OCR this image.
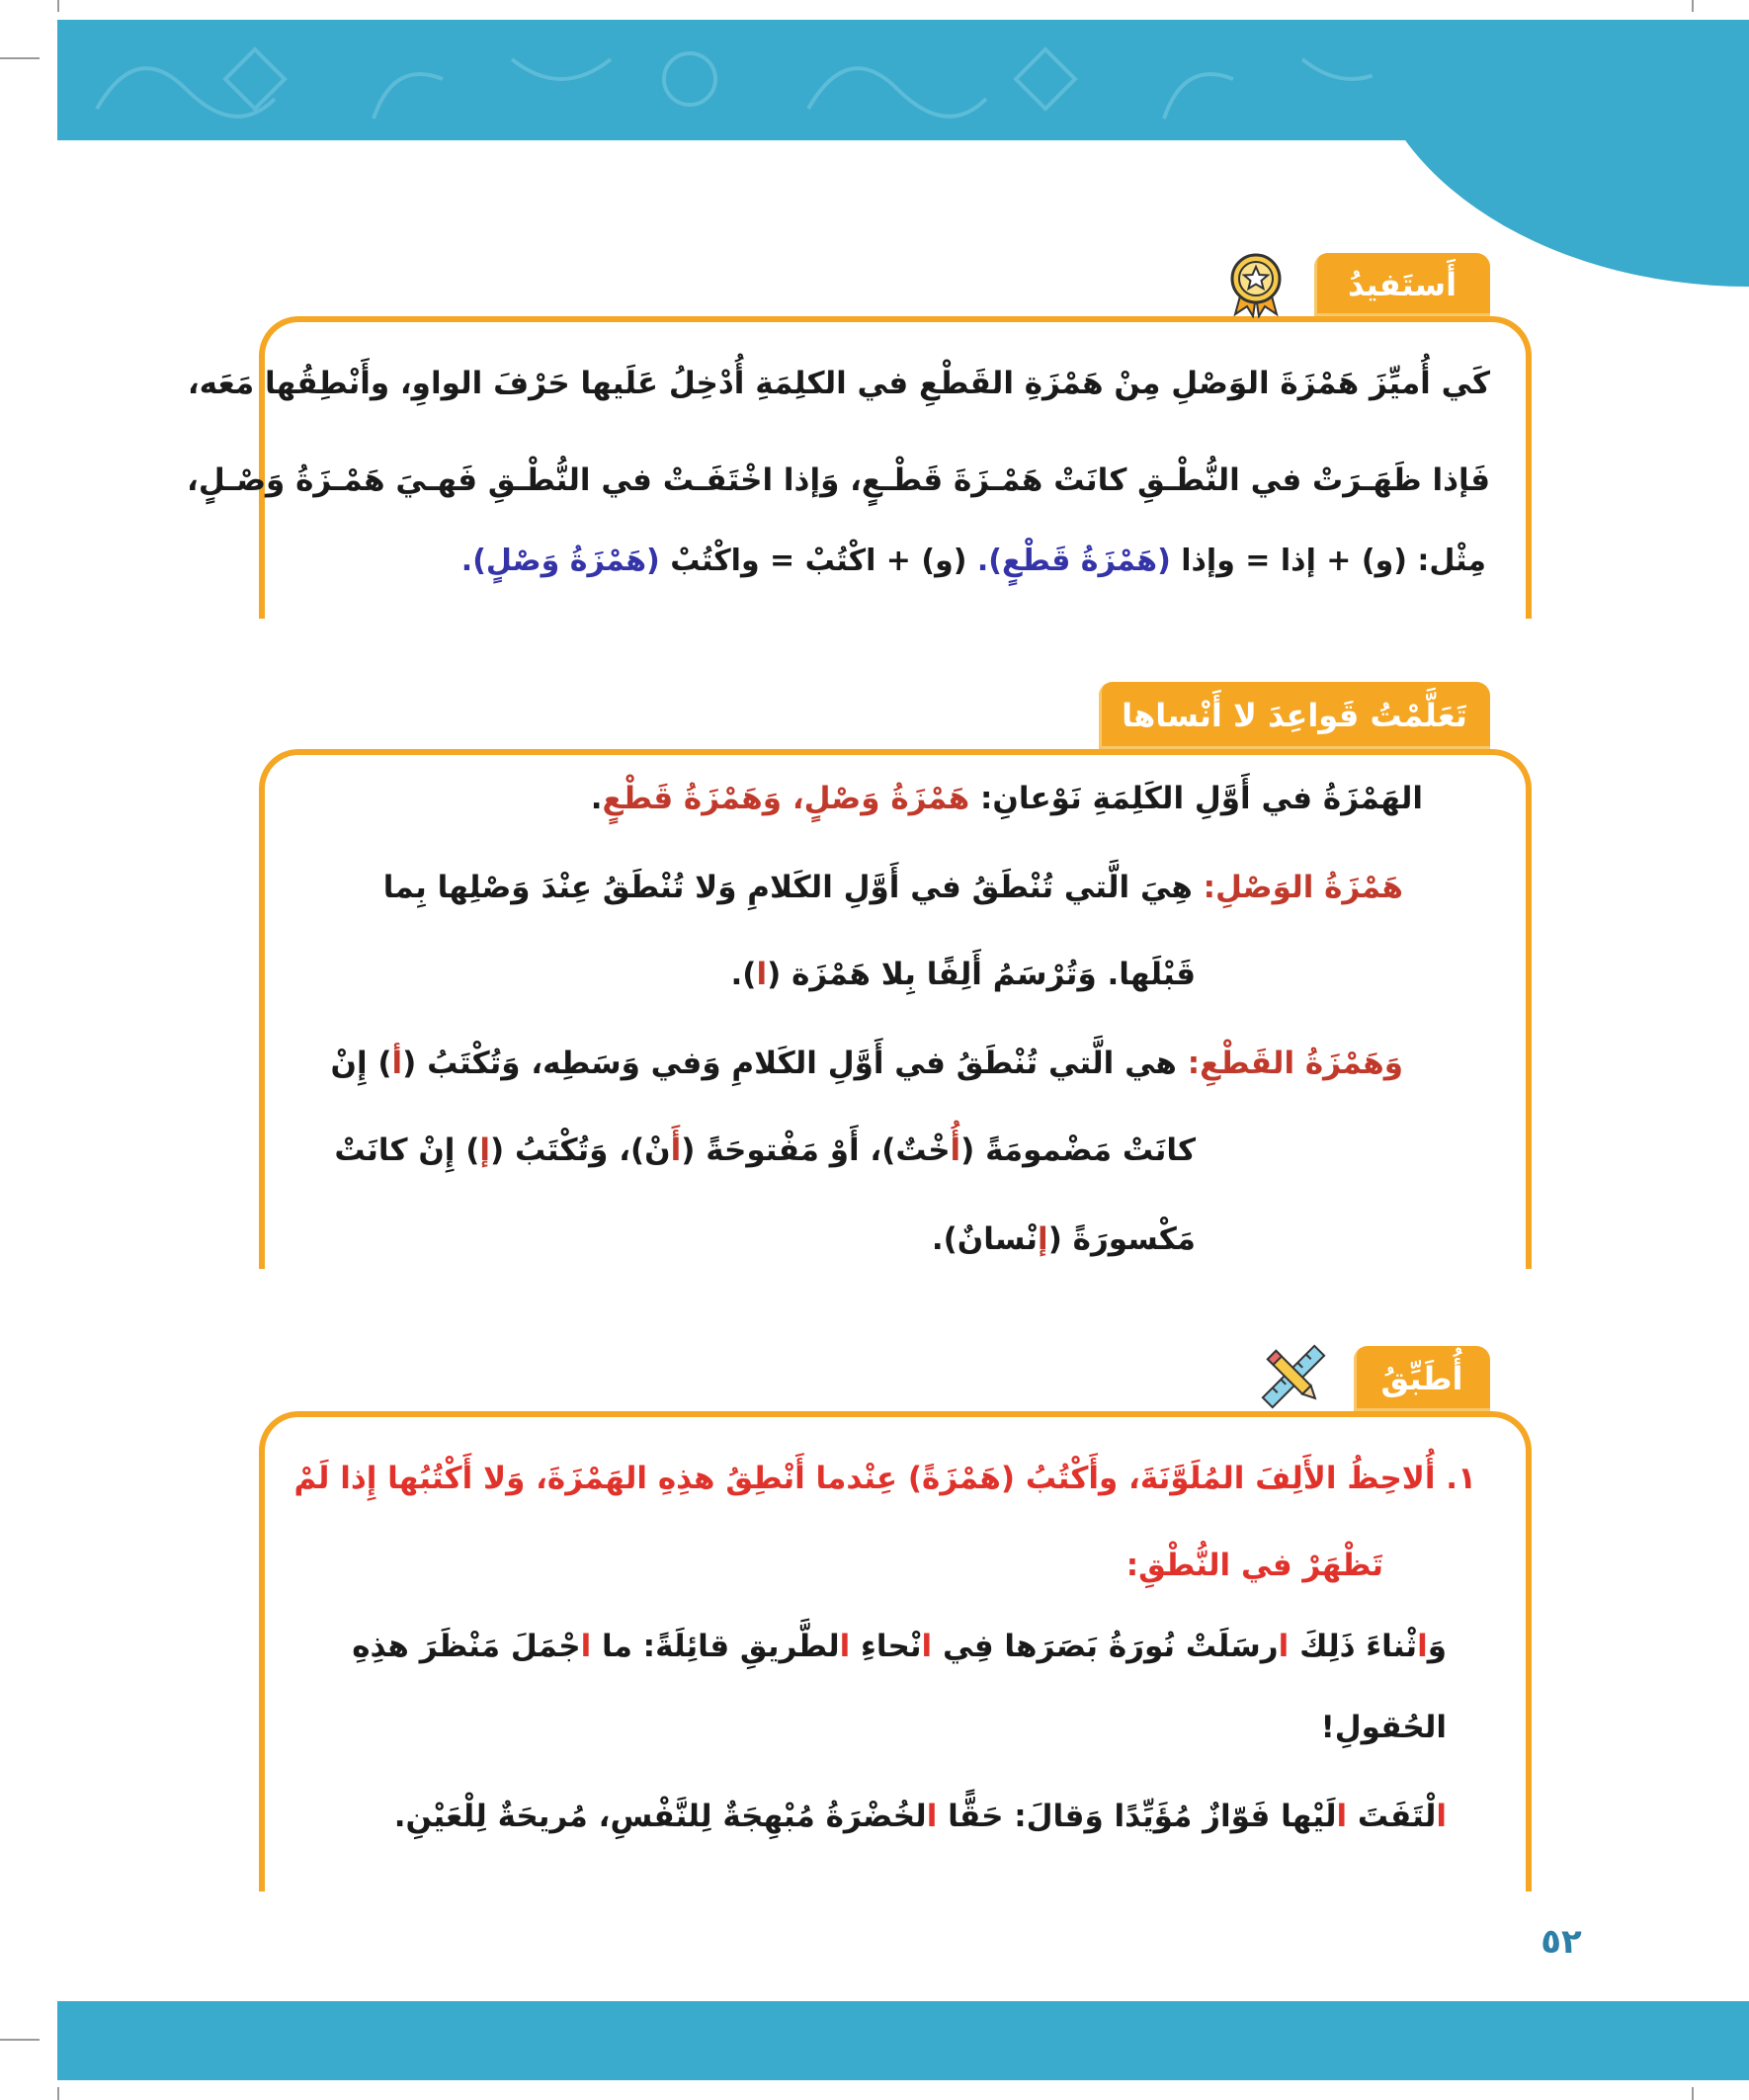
أَستَفيدُ
كَي أُميِّزَ هَمْزَةَ الوَصْلِ مِنْ هَمْزَةِ القَطْعِ في الكلِمَةِ أُدْخِلُ عَلَيها حَرْفَ الواوِ، وأَنْطِقُها مَعَه،
فَإذا ظَهَـرَتْ في النُّطْـقِ كانَتْ هَمْـزَةَ قَطْـعٍ، وَإذا اخْتَفَـتْ في النُّطْـقِ فَهـيَ هَمْـزَةُ وَصْـلٍ،
مِثْل: (و) + إذا = وإذا (هَمْزَةُ قَطْعٍ). (و) + اكْتُبْ = واكْتُبْ (هَمْزَةُ وَصْلٍ).
تَعَلَّمْتُ قَواعِدَ لا أَنْساها
الهَمْزَةُ في أَوَّلِ الكَلِمَةِ نَوْعانِ: هَمْزَةُ وَصْلٍ، وَهَمْزَةُ قَطْعٍ.
هَمْزَةُ الوَصْلِ: هِيَ الَّتي تُنْطَقُ في أَوَّلِ الكَلامِ وَلا تُنْطَقُ عِنْدَ وَصْلِها بِما
قَبْلَها. وَتُرْسَمُ أَلِفًا بِلا هَمْزَة (ا).
وَهَمْزَةُ القَطْعِ: هي الَّتي تُنْطَقُ في أَوَّلِ الكَلامِ وَفي وَسَطِه، وَتُكْتَبُ (أ) إِنْ
كانَتْ مَضْمومَةً (أُخْتٌ)، أَوْ مَفْتوحَةً (أَنْ)، وَتُكْتَبُ (إ) إِنْ كانَتْ
مَكْسورَةً (إنْسانٌ).
أُطَبِّقُ
١. أُلاحِظُ الأَلِفَ المُلَوَّنَةَ، وأَكْتُبُ (هَمْزَةً) عِنْدما أَنْطِقُ هذِهِ الهَمْزَةَ، وَلا أَكْتُبُها إِذا لَمْ
تَظْهَرْ في النُّطْقِ:
وَاثْناءَ ذَلِكَ ارسَلَتْ نُورَةُ بَصَرَها فِي انْحاءِ الطَّريقِ قائِلَةً: ما اجْمَلَ مَنْظَرَ هذِهِ
الحُقولِ!
الْتَفَتَ الَيْها فَوّازٌ مُؤَيِّدًا وَقالَ: حَقًّا الخُضْرَةُ مُبْهِجَةٌ لِلنَّفْسِ، مُريحَةٌ لِلْعَيْنِ.
٥٢
